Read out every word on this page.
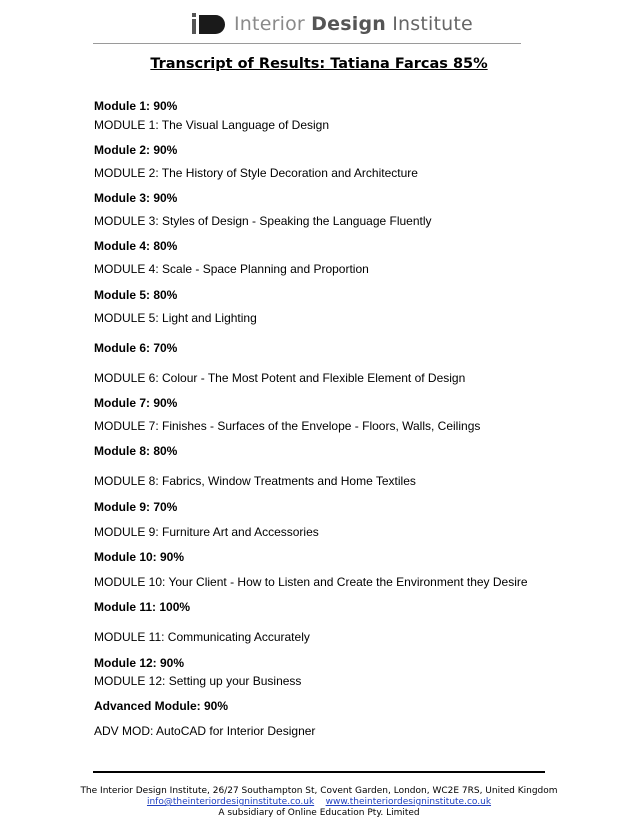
Interior Design Institute
Transcript of Results: Tatiana Farcas 85%
Module 1: 90%
MODULE 1: The Visual Language of Design
Module 2: 90%
MODULE 2: The History of Style Decoration and Architecture
Module 3: 90%
MODULE 3: Styles of Design - Speaking the Language Fluently
Module 4: 80%
MODULE 4: Scale - Space Planning and Proportion
Module 5: 80%
MODULE 5: Light and Lighting
Module 6: 70%
MODULE 6: Colour - The Most Potent and Flexible Element of Design
Module 7: 90%
MODULE 7: Finishes - Surfaces of the Envelope - Floors, Walls, Ceilings
Module 8: 80%
MODULE 8: Fabrics, Window Treatments and Home Textiles
Module 9: 70%
MODULE 9: Furniture Art and Accessories
Module 10: 90%
MODULE 10: Your Client - How to Listen and Create the Environment they Desire
Module 11: 100%
MODULE 11: Communicating Accurately
Module 12: 90%
MODULE 12: Setting up your Business
Advanced Module: 90%
ADV MOD: AutoCAD for Interior Designer
The Interior Design Institute, 26/27 Southampton St, Covent Garden, London, WC2E 7RS, United Kingdom
info@theinteriordesigninstitute.co.uk www.theinteriordesigninstitute.co.uk
A subsidiary of Online Education Pty. Limited
